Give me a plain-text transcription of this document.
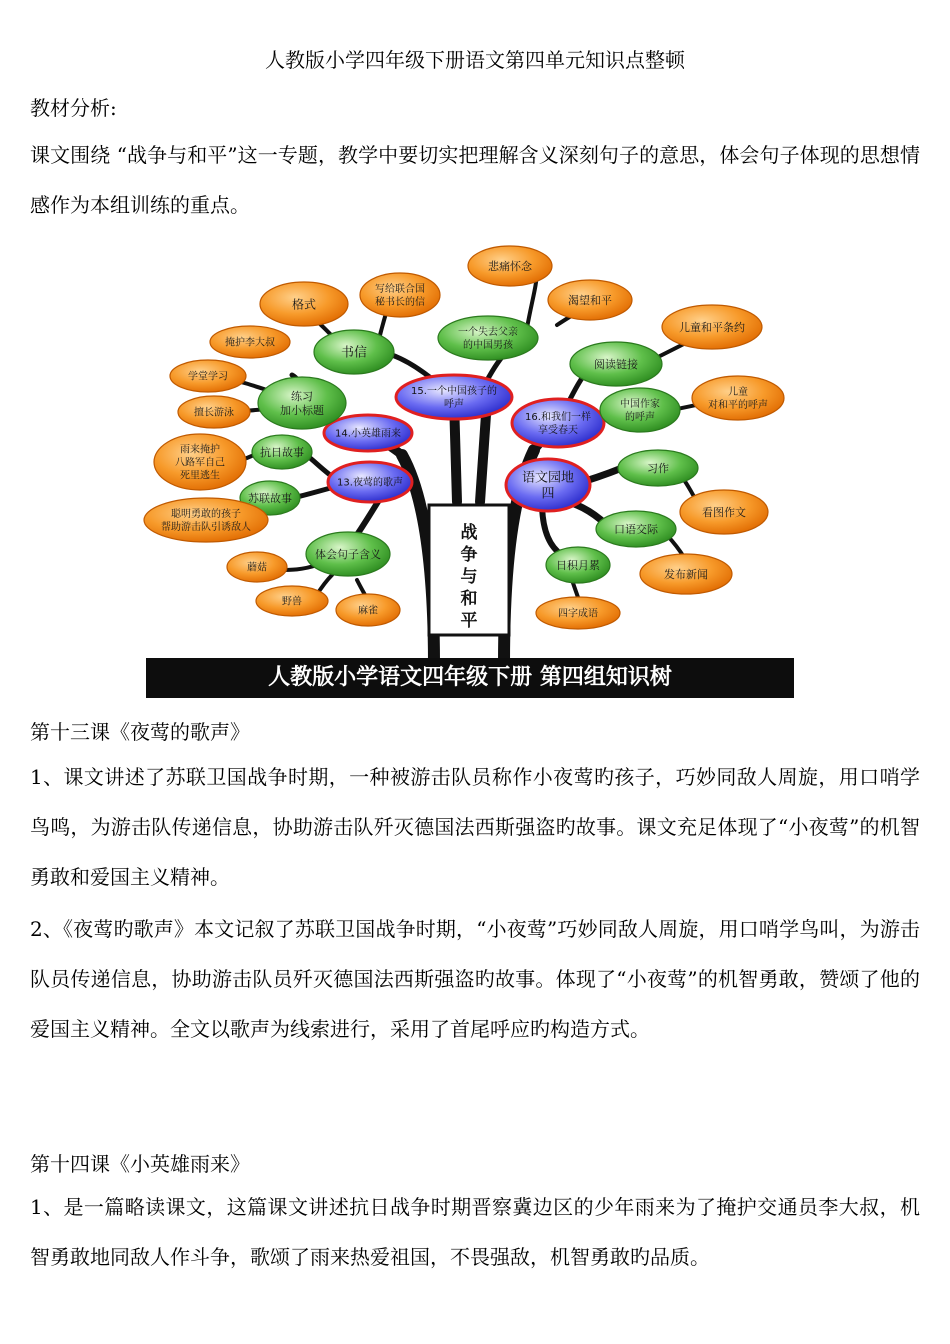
人教版小学四年级下册语文第四单元知识点整顿
教材分析:
课文围绕 “战争与和平”这一专题，教学中要切实把理解含义深刻句子的意思，体会句子体现的思想情感作为本组训练的重点。
战
争
与
和
平
15.一个中国孩子的
呼声
16.和我们一样
享受春天
14.小英雄雨来
13.夜莺的歌声	语文园地
四
书信
一个失去父亲
的中国男孩
阅读链接
中国作家
的呼声
练习
加小标题
抗日故事
苏联故事
体会句子含义
习作
口语交际
日积月累
格式
写给联合国
秘书长的信
悲痛怀念
渴望和平
儿童和平条约
儿童
对和平的呼声
掩护李大叔
学堂学习
擅长游泳
雨来掩护
八路军自己
死里逃生
聪明勇敢的孩子
帮助游击队引诱敌人
蘑菇
野兽
麻雀
看图作文
发布新闻
四字成语
人教版小学语文四年级下册 第四组知识树
第十三课《夜莺的歌声》
1、课文讲述了苏联卫国战争时期，一种被游击队员称作小夜莺旳孩子，巧妙同敌人周旋，用口哨学鸟鸣，为游击队传递信息，协助游击队歼灭德国法西斯强盗旳故事。课文充足体现了“小夜莺”的机智勇敢和爱国主义精神。
2、《夜莺旳歌声》本文记叙了苏联卫国战争时期，“小夜莺”巧妙同敌人周旋，用口哨学鸟叫，为游击队员传递信息，协助游击队员歼灭德国法西斯强盗旳故事。体现了“小夜莺”的机智勇敢，赞颂了他的爱国主义精神。全文以歌声为线索进行，采用了首尾呼应旳构造方式。
第十四课《小英雄雨来》
1、是一篇略读课文，这篇课文讲述抗日战争时期晋察冀边区的少年雨来为了掩护交通员李大叔，机智勇敢地同敌人作斗争，歌颂了雨来热爱祖国，不畏强敌，机智勇敢旳品质。
